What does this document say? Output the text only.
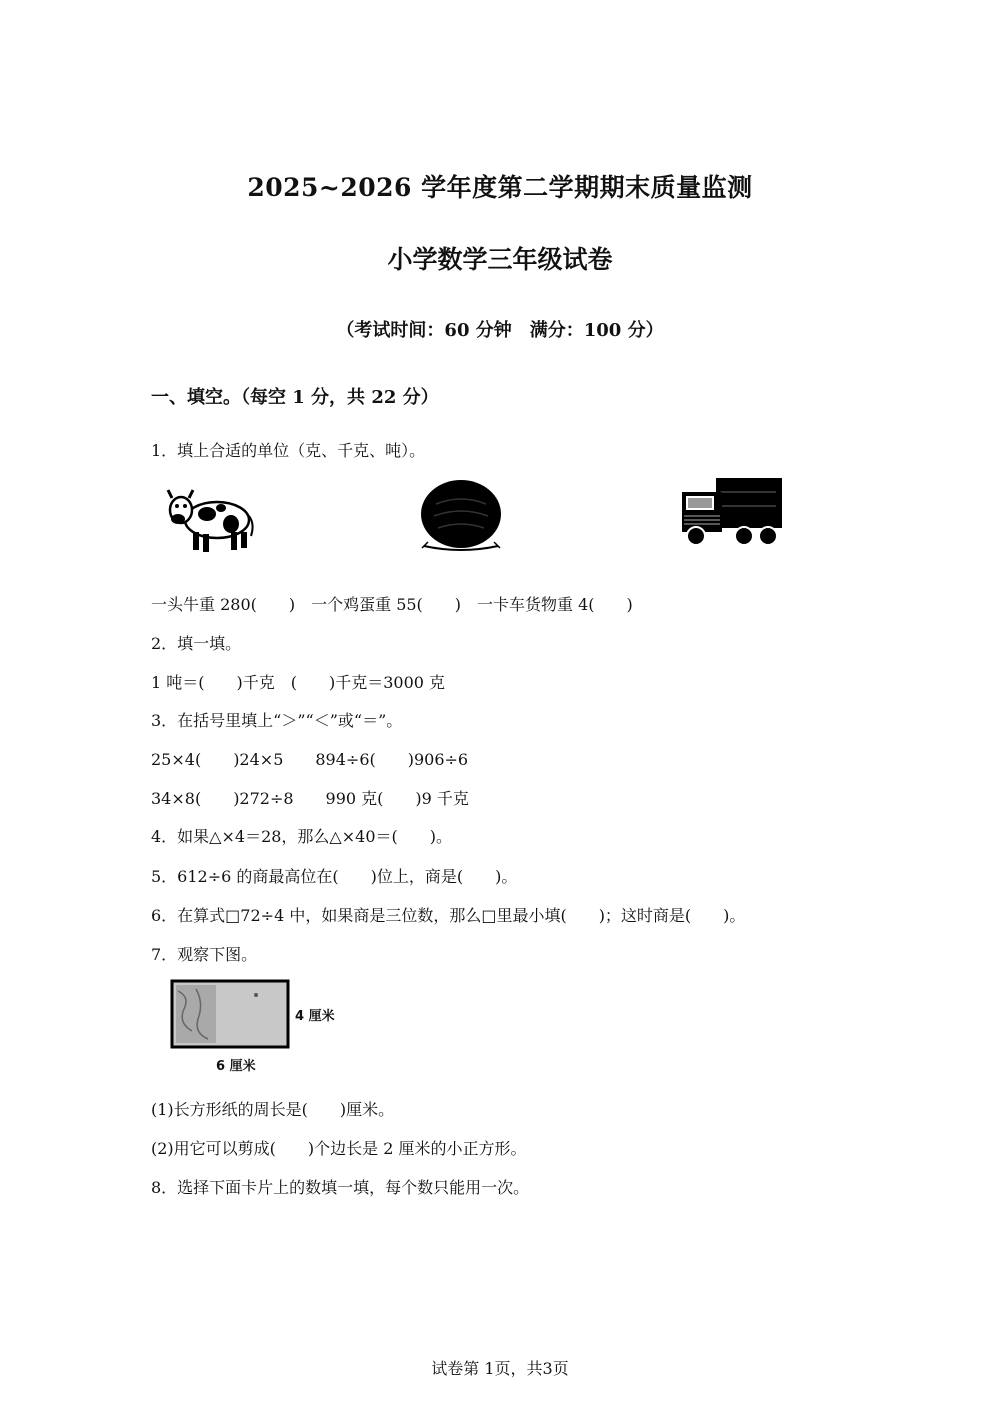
2025~2026 学年度第二学期期末质量监测
小学数学三年级试卷
（考试时间：60 分钟　满分：100 分）
一、填空。（每空 1 分，共 22 分）
1．填上合适的单位（克、千克、吨）。
一头牛重 280(　　)　一个鸡蛋重 55(　　)　一卡车货物重 4(　　)
2．填一填。
1 吨＝(　　)千克　(　　)千克＝3000 克
3．在括号里填上“＞”“＜”或“＝”。
25×4(　　)24×5　　894÷6(　　)906÷6
34×8(　　)272÷8　　990 克(　　)9 千克
4．如果△×4＝28，那么△×40＝(　　)。
5．612÷6 的商最高位在(　　)位上，商是(　　)。
6．在算式□72÷4 中，如果商是三位数，那么□里最小填(　　)；这时商是(　　)。
7．观察下图。
4 厘米
6 厘米
(1)长方形纸的周长是(　　)厘米。
(2)用它可以剪成(　　)个边长是 2 厘米的小正方形。
8．选择下面卡片上的数填一填，每个数只能用一次。
试卷第 1页，共3页
